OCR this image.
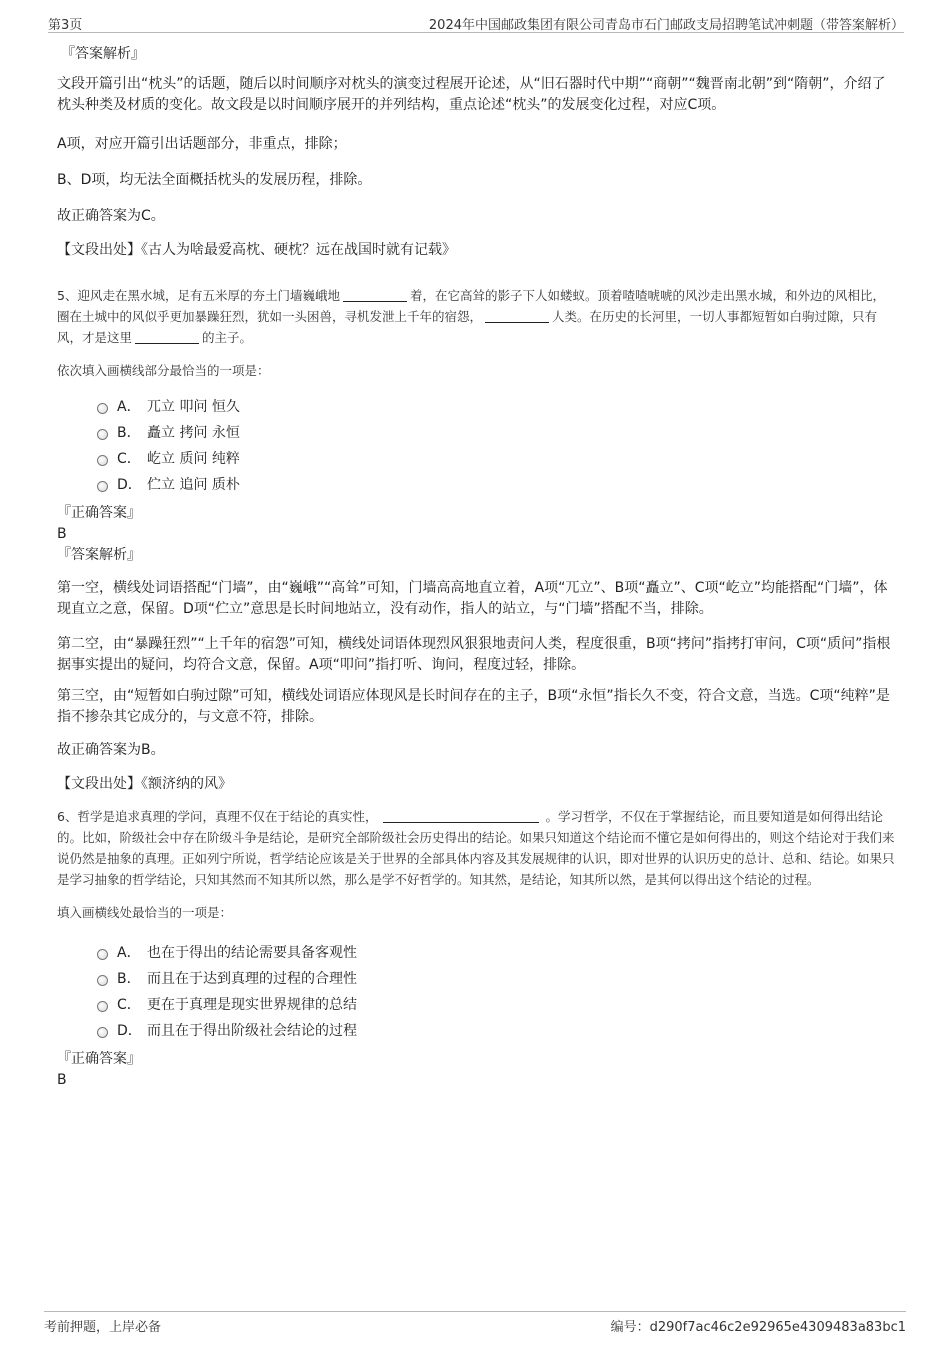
第3页	2024年中国邮政集团有限公司青岛市石门邮政支局招聘笔试冲刺题（带答案解析）

『答案解析』

文段开篇引出“枕头”的话题，随后以时间顺序对枕头的演变过程展开论述，从“旧石器时代中期”“商朝”“魏晋南北朝”到“隋朝”，介绍了枕头种类及材质的变化。故文段是以时间顺序展开的并列结构，重点论述“枕头”的发展变化过程，对应C项。

A项，对应开篇引出话题部分，非重点，排除；

B、D项，均无法全面概括枕头的发展历程，排除。

故正确答案为C。

【文段出处】《古人为啥最爱高枕、硬枕？远在战国时就有记载》

5、迎风走在黑水城，足有五米厚的夯土门墙巍峨地	着，在它高耸的影子下人如蝼蚁。顶着喳喳唬唬的风沙走出黑水城，和外边的风相比，圈在土城中的风似乎更加暴躁狂烈，犹如一头困兽，寻机发泄上千年的宿怨，	人类。在历史的长河里，一切人事都短暂如白驹过隙，只有风，才是这里	的主子。

依次填入画横线部分最恰当的一项是：

A． 兀立 叩问 恒久
B． 矗立 拷问 永恒
C． 屹立 质问 纯粹
D． 伫立 追问 质朴

『正确答案』

B

『答案解析』

第一空，横线处词语搭配“门墙”，由“巍峨”“高耸”可知，门墙高高地直立着，A项“兀立”、B项“矗立”、C项“屹立”均能搭配“门墙”，体现直立之意，保留。D项“伫立”意思是长时间地站立，没有动作，指人的站立，与“门墙”搭配不当，排除。

第二空，由“暴躁狂烈”“上千年的宿怨”可知，横线处词语体现烈风狠狠地责问人类，程度很重，B项“拷问”指拷打审问，C项“质问”指根据事实提出的疑问，均符合文意，保留。A项“叩问”指打听、询问，程度过轻，排除。

第三空，由“短暂如白驹过隙”可知，横线处词语应体现风是长时间存在的主子，B项“永恒”指长久不变，符合文意，当选。C项“纯粹”是指不掺杂其它成分的，与文意不符，排除。

故正确答案为B。

【文段出处】《额济纳的风》

6、哲学是追求真理的学问，真理不仅在于结论的真实性，	。学习哲学，不仅在于掌握结论，而且要知道是如何得出结论的。比如，阶级社会中存在阶级斗争是结论，是研究全部阶级社会历史得出的结论。如果只知道这个结论而不懂它是如何得出的，则这个结论对于我们来说仍然是抽象的真理。正如列宁所说，哲学结论应该是关于世界的全部具体内容及其发展规律的认识，即对世界的认识历史的总计、总和、结论。如果只是学习抽象的哲学结论，只知其然而不知其所以然，那么是学不好哲学的。知其然，是结论，知其所以然，是其何以得出这个结论的过程。

填入画横线处最恰当的一项是：

A． 也在于得出的结论需要具备客观性
B． 而且在于达到真理的过程的合理性
C． 更在于真理是现实世界规律的总结
D． 而且在于得出阶级社会结论的过程

『正确答案』

B

考前押题，上岸必备	编号：d290f7ac46c2e92965e4309483a83bc1
